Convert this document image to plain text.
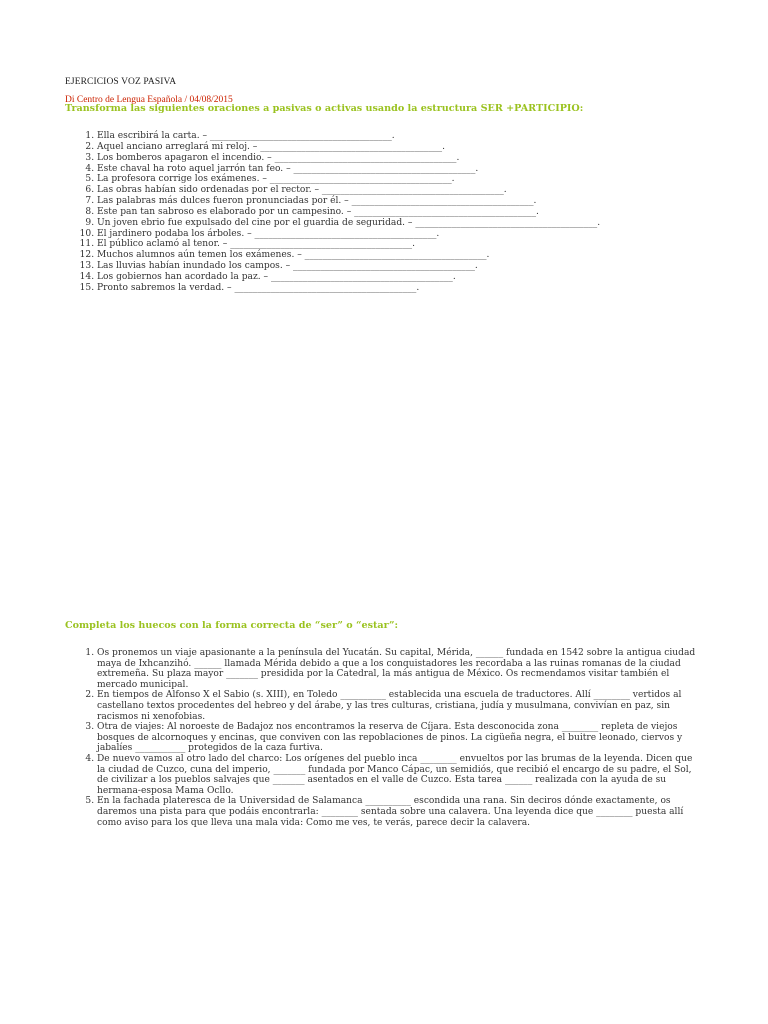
EJERCICIOS VOZ PASIVA
Di Centro de Lengua Española / 04/08/2015
Transforma las siguientes oraciones a pasivas o activas usando la estructura SER +PARTICIPIO:
1. Ella escribirá la carta. – ________________________________________.
2. Aquel anciano arreglará mi reloj. – ________________________________________.
3. Los bomberos apagaron el incendio. – ________________________________________.
4. Este chaval ha roto aquel jarrón tan feo. – ________________________________________.
5. La profesora corrige los exámenes. – ________________________________________.
6. Las obras habían sido ordenadas por el rector. – ________________________________________.
7. Las palabras más dulces fueron pronunciadas por él. – ________________________________________.
8. Este pan tan sabroso es elaborado por un campesino. – ________________________________________.
9. Un joven ebrio fue expulsado del cine por el guardia de seguridad. – ________________________________________.
10. El jardinero podaba los árboles. – ________________________________________.
11. El público aclamó al tenor. – ________________________________________.
12. Muchos alumnos aún temen los exámenes. – ________________________________________.
13. Las lluvias habían inundado los campos. – ________________________________________.
14. Los gobiernos han acordado la paz. – ________________________________________.
15. Pronto sabremos la verdad. – ________________________________________.
Completa los huecos con la forma correcta de “ser” o “estar”:
1. Os pronemos un viaje apasionante a la península del Yucatán. Su capital, Mérida, ______ fundada en 1542 sobre la antigua ciudad maya de Ixhcanzihó. ______ llamada Mérida debido a que a los conquistadores les recordaba a las ruinas romanas de la ciudad extremeña. Su plaza mayor _______ presidida por la Catedral, la más antigua de México. Os recmendamos visitar también el mercado municipal.
2. En tiempos de Alfonso X el Sabio (s. XIII), en Toledo __________ establecida una escuela de traductores. Allí ________ vertidos al castellano textos procedentes del hebreo y del árabe, y las tres culturas, cristiana, judía y musulmana, convivían en paz, sin racismos ni xenofobias.
3. Otra de viajes: Al noroeste de Badajoz nos encontramos la reserva de Cíjara. Esta desconocida zona ________ repleta de viejos bosques de alcornoques y encinas, que conviven con las repoblaciones de pinos. La cigüeña negra, el buitre leonado, ciervos y jabalíes ___________ protegidos de la caza furtiva.
4. De nuevo vamos al otro lado del charco: Los orígenes del pueblo inca ________ envueltos por las brumas de la leyenda. Dicen que la ciudad de Cuzco, cuna del imperio, _______ fundada por Manco Cápac, un semidiós, que recibió el encargo de su padre, el Sol, de civilizar a los pueblos salvajes que _______ asentados en el valle de Cuzco. Esta tarea ______ realizada con la ayuda de su hermana-esposa Mama Ocllo.
5. En la fachada plateresca de la Universidad de Salamanca __________ escondida una rana. Sin deciros dónde exactamente, os daremos una pista para que podáis encontrarla: ________ sentada sobre una calavera. Una leyenda dice que ________ puesta allí como aviso para los que lleva una mala vida: Como me ves, te verás, parece decir la calavera.
